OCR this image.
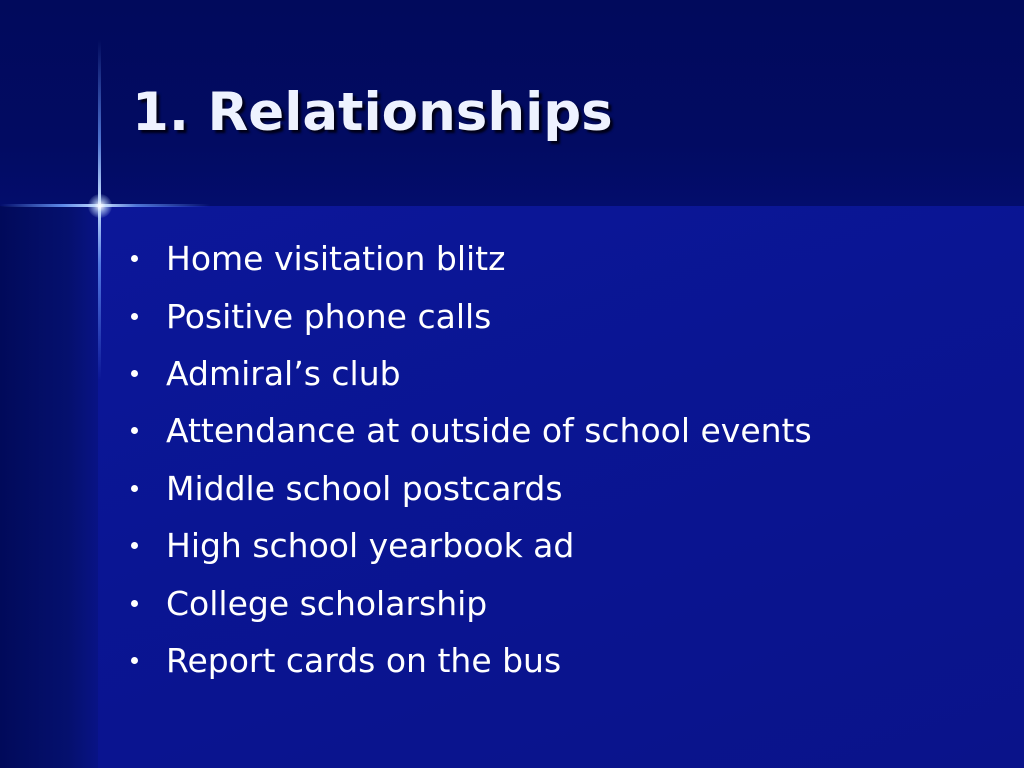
1. Relationships
Home visitation blitz
Positive phone calls
Admiral’s club
Attendance at outside of school events
Middle school postcards
High school yearbook ad
College scholarship
Report cards on the bus
